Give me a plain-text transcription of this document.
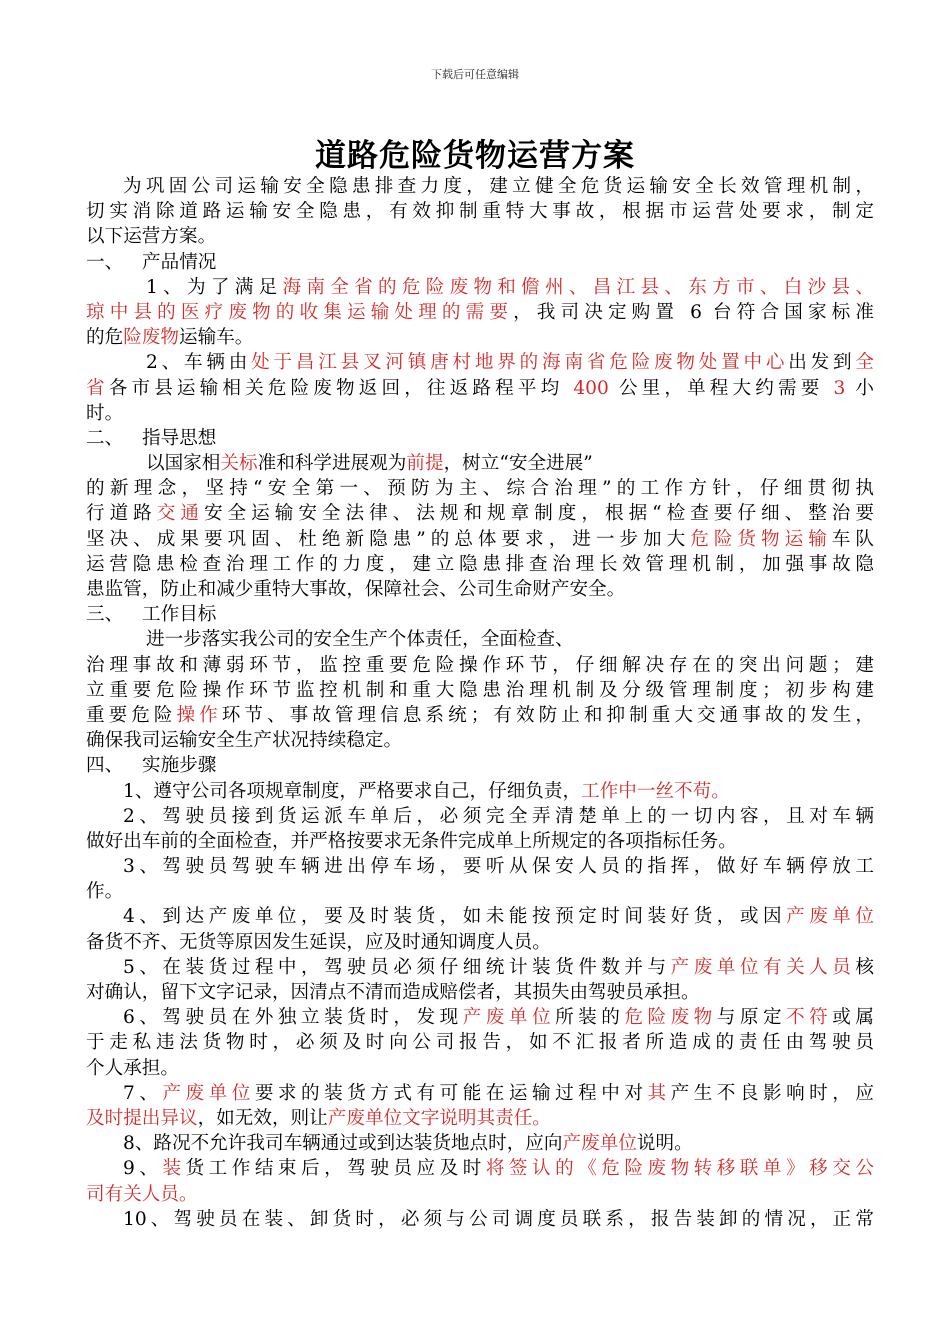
下载后可任意编辑
道路危险货物运营方案
为巩固公司运输安全隐患排查力度，建立健全危货运输安全长效管理机制，
切实消除道路运输安全隐患，有效抑制重特大事故，根据市运营处要求，制定
以下运营方案。
一、 产品情况
1、为了满足海南全省的危险废物和儋州、昌江县、东方市、白沙县、
琼中县的医疗废物的收集运输处理的需要，我司决定购置 6 台符合国家标准
的危险废物运输车。
2、车辆由处于昌江县叉河镇唐村地界的海南省危险废物处置中心出发到全
省各市县运输相关危险废物返回，往返路程平均 400 公里，单程大约需要 3 小
时。
二、 指导思想
以国家相关标准和科学进展观为前提，树立“安全进展”
的新理念，坚持“安全第一、预防为主、综合治理”的工作方针，仔细贯彻执
行道路交通安全运输安全法律、法规和规章制度，根据“检查要仔细、整治要
坚决、成果要巩固、杜绝新隐患”的总体要求，进一步加大危险货物运输车队
运营隐患检查治理工作的力度，建立隐患排查治理长效管理机制，加强事故隐
患监管，防止和减少重特大事故，保障社会、公司生命财产安全。
三、 工作目标
进一步落实我公司的安全生产个体责任，全面检查、
治理事故和薄弱环节，监控重要危险操作环节，仔细解决存在的突出问题；建
立重要危险操作环节监控机制和重大隐患治理机制及分级管理制度；初步构建
重要危险操作环节、事故管理信息系统；有效防止和抑制重大交通事故的发生，
确保我司运输安全生产状况持续稳定。
四、 实施步骤
1、遵守公司各项规章制度，严格要求自己，仔细负责，工作中一丝不苟。
2、驾驶员接到货运派车单后，必须完全弄清楚单上的一切内容，且对车辆
做好出车前的全面检查，并严格按要求无条件完成单上所规定的各项指标任务。
3、驾驶员驾驶车辆进出停车场，要听从保安人员的指挥，做好车辆停放工
作。
4、到达产废单位，要及时装货，如未能按预定时间装好货，或因产废单位
备货不齐、无货等原因发生延误，应及时通知调度人员。
5、在装货过程中，驾驶员必须仔细统计装货件数并与产废单位有关人员核
对确认，留下文字记录，因清点不清而造成赔偿者，其损失由驾驶员承担。
6、驾驶员在外独立装货时，发现产废单位所装的危险废物与原定不符或属
于走私违法货物时，必须及时向公司报告，如不汇报者所造成的责任由驾驶员
个人承担。
7、产废单位要求的装货方式有可能在运输过程中对其产生不良影响时，应
及时提出异议，如无效，则让产废单位文字说明其责任。
8、路况不允许我司车辆通过或到达装货地点时，应向产废单位说明。
9、装货工作结束后，驾驶员应及时将签认的《危险废物转移联单》移交公
司有关人员。
10、驾驶员在装、卸货时，必须与公司调度员联系，报告装卸的情况，正常
